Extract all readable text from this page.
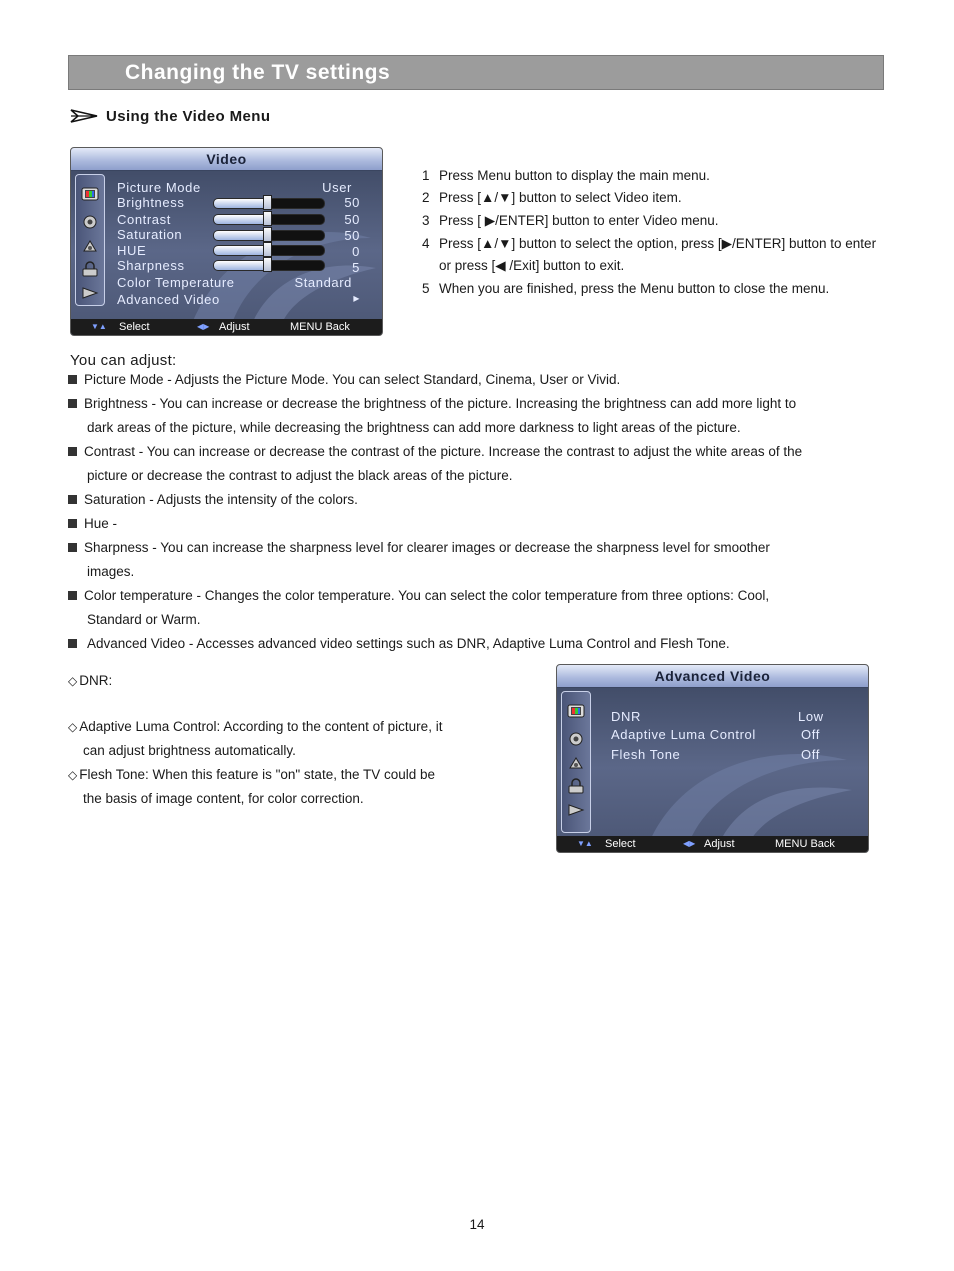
Changing the TV settings
Using the Video Menu
Video
Picture Mode	User
Brightness	50
Contrast	50
Saturation	50
HUE	0
Sharpness	5
Color Temperature	Standard
Advanced Video	▸
▼▲ Select	◀▶ Adjust	MENU Back
1 Press Menu button to display the main menu.
2 Press [▲/▼] button to select Video item.
3 Press [ ▶/ENTER] button to enter Video menu.
4 Press [▲/▼] button to select the option, press [▶/ENTER] button to enter
or press [◀ /Exit] button to exit.
5 When you are finished, press the Menu button to close the menu.
You can adjust:
Picture Mode - Adjusts the Picture Mode. You can select Standard, Cinema, User or Vivid.
Brightness - You can increase or decrease the brightness of the picture. Increasing the brightness can add more light to
dark areas of the picture, while decreasing the brightness can add more darkness to light areas of the picture.
Contrast - You can increase or decrease the contrast of the picture. Increase the contrast to adjust the white areas of the
picture or decrease the contrast to adjust the black areas of the picture.
Saturation - Adjusts the intensity of the colors.
Hue -
Sharpness - You can increase the sharpness level for clearer images or decrease the sharpness level for smoother
images.
Color temperature - Changes the color temperature. You can select the color temperature from three options: Cool,
Standard or Warm.
Advanced Video - Accesses advanced video settings such as DNR, Adaptive Luma Control and Flesh Tone.
◇ DNR:
◇ Adaptive Luma Control: According to the content of picture, it
can adjust brightness automatically.
◇ Flesh Tone: When this feature is "on" state, the TV could be
the basis of image content, for color correction.
Advanced Video
DNR	Low
Adaptive Luma Control	Off
Flesh Tone	Off
▼▲ Select	◀▶ Adjust	MENU Back
14
